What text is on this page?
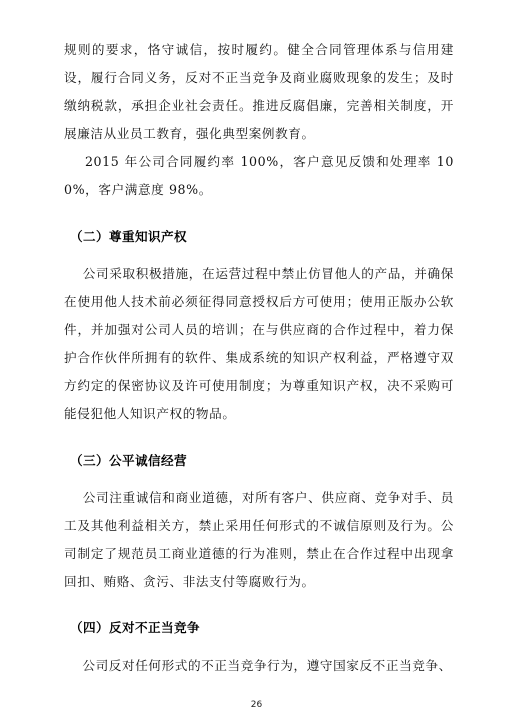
规则的要求，恪守诚信，按时履约。健全合同管理体系与信用建设，履行合同义务，反对不正当竞争及商业腐败现象的发生；及时缴纳税款，承担企业社会责任。推进反腐倡廉，完善相关制度，开展廉洁从业员工教育，强化典型案例教育。
2015 年公司合同履约率 100%，客户意见反馈和处理率 100%，客户满意度 98%。
（二）尊重知识产权
公司采取积极措施，在运营过程中禁止仿冒他人的产品，并确保在使用他人技术前必须征得同意授权后方可使用；使用正版办公软件，并加强对公司人员的培训；在与供应商的合作过程中，着力保护合作伙伴所拥有的软件、集成系统的知识产权利益，严格遵守双方约定的保密协议及许可使用制度；为尊重知识产权，决不采购可能侵犯他人知识产权的物品。
（三）公平诚信经营
公司注重诚信和商业道德，对所有客户、供应商、竞争对手、员工及其他利益相关方，禁止采用任何形式的不诚信原则及行为。公司制定了规范员工商业道德的行为准则，禁止在合作过程中出现拿回扣、贿赂、贪污、非法支付等腐败行为。
（四）反对不正当竞争
公司反对任何形式的不正当竞争行为，遵守国家反不正当竞争、
26
